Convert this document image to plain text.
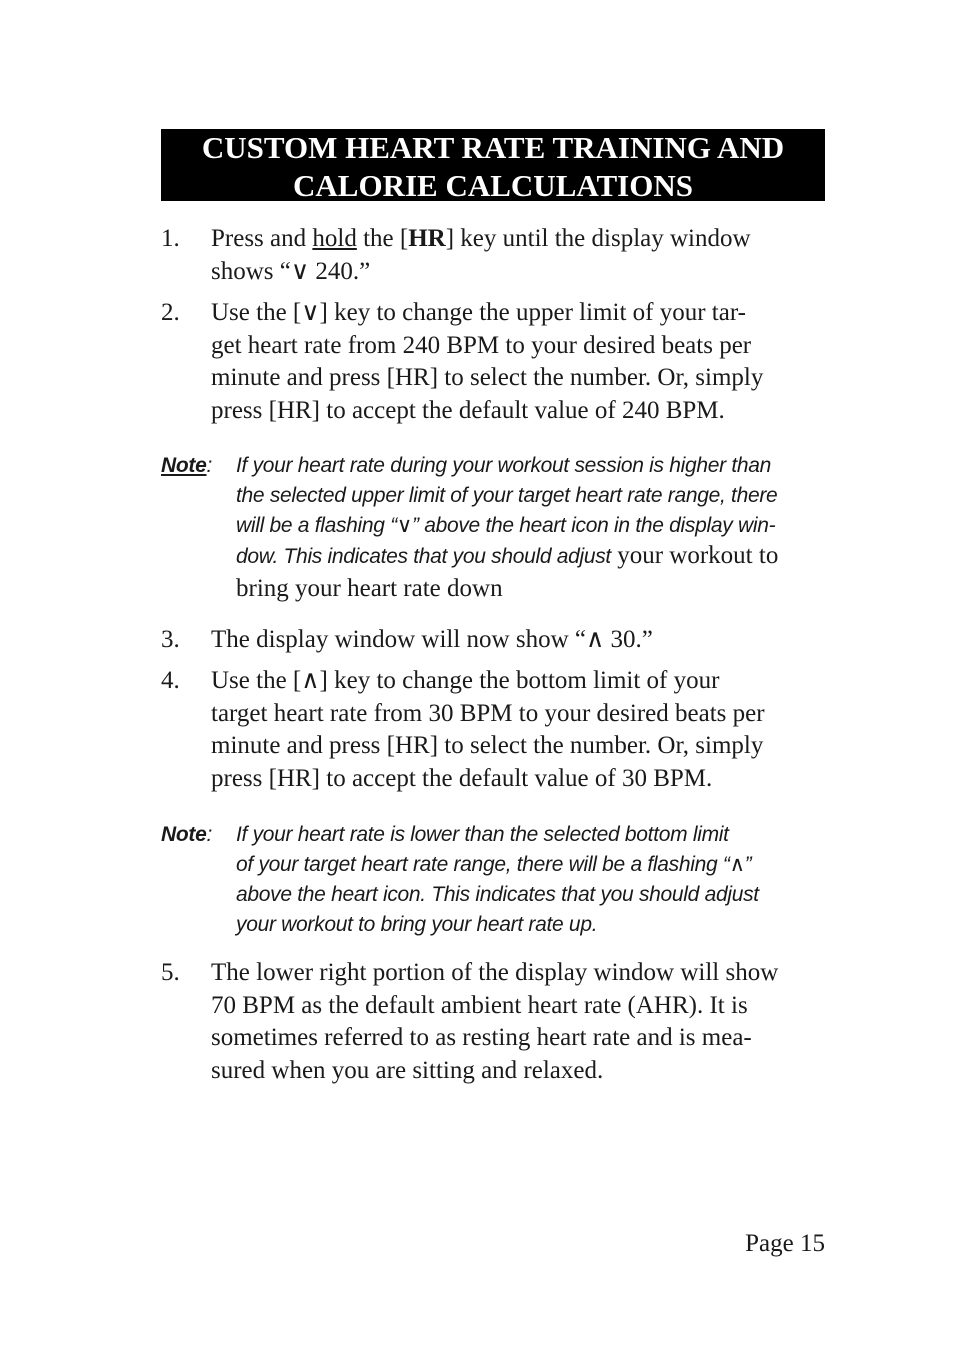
CUSTOM HEART RATE TRAINING AND
CALORIE CALCULATIONS
1.	Press and hold the [HR] key until the display window
shows “∨ 240.”
2.	Use the [∨] key to change the upper limit of your tar-
get heart rate from 240 BPM to your desired beats per
minute and press [HR] to select the number. Or, simply
press [HR] to accept the default value of 240 BPM.
Note: If your heart rate during your workout session is higher than
the selected upper limit of your target heart rate range, there
will be a flashing “∨” above the heart icon in the display win-
dow. This indicates that you should adjust your workout to
bring your heart rate down
3.	The display window will now show “∧ 30.”
4.	Use the [∧] key to change the bottom limit of your
target heart rate from 30 BPM to your desired beats per
minute and press [HR] to select the number. Or, simply
press [HR] to accept the default value of 30 BPM.
Note: If your heart rate is lower than the selected bottom limit
of your target heart rate range, there will be a flashing “∧”
above the heart icon. This indicates that you should adjust
your workout to bring your heart rate up.
5.	The lower right portion of the display window will show
70 BPM as the default ambient heart rate (AHR). It is
sometimes referred to as resting heart rate and is mea-
sured when you are sitting and relaxed.
Page 15
